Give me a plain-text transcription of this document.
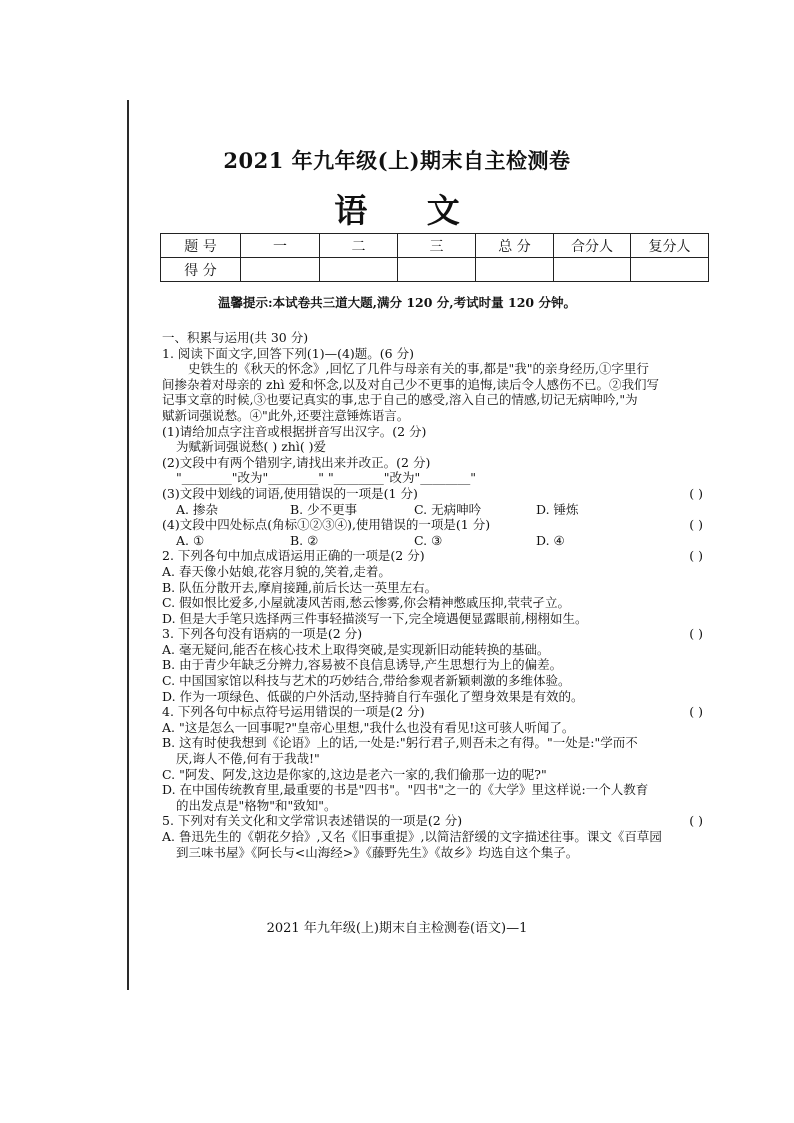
2021 年九年级(上)期末自主检测卷
语 文
题 号	一	二	三	总 分	合分人	复分人
得 分						
温馨提示:本试卷共三道大题,满分 120 分,考试时量 120 分钟。
一、积累与运用(共 30 分)
1. 阅读下面文字,回答下列(1)—(4)题。(6 分)
史铁生的《秋天的怀念》,回忆了几件与母亲有关的事,都是"我"的亲身经历,①字里行
间掺杂着对母亲的 zhì 爱和怀念,以及对自己少不更事的追悔,读后令人感伤不已。②我们写
记事文章的时候,③也要记真实的事,忠于自己的感受,溶入自己的情感,切记无病呻吟,"为
赋新词强说愁。④"此外,还要注意锤炼语言。
(1)请给加点字注音或根据拼音写出汉字。(2 分)
为赋新词强说愁( ) zhì( )爱
(2)文段中有两个错别字,请找出来并改正。(2 分)
"________"改为"________" "________"改为"________"
(3)文段中划线的词语,使用错误的一项是(1 分)	( )
A. 掺杂	B. 少不更事	C. 无病呻吟	D. 锤炼
(4)文段中四处标点(角标①②③④),使用错误的一项是(1 分)	( )
A. ①	B. ②	C. ③	D. ④
2. 下列各句中加点成语运用正确的一项是(2 分)	( )
A. 春天像小姑娘,花容月貌的,笑着,走着。
B. 队伍分散开去,摩肩接踵,前后长达一英里左右。
C. 假如恨比爱多,小屋就凄风苦雨,愁云惨雾,你会精神憋戚压抑,茕茕孑立。
D. 但是大手笔只选择两三件事轻描淡写一下,完全境遇便显露眼前,栩栩如生。
3. 下列各句没有语病的一项是(2 分)	( )
A. 毫无疑问,能否在核心技术上取得突破,是实现新旧动能转换的基础。
B. 由于青少年缺乏分辨力,容易被不良信息诱导,产生思想行为上的偏差。
C. 中国国家馆以科技与艺术的巧妙结合,带给参观者新颖刺激的多维体验。
D. 作为一项绿色、低碳的户外活动,坚持骑自行车强化了塑身效果是有效的。
4. 下列各句中标点符号运用错误的一项是(2 分)	( )
A. "这是怎么一回事呢?"皇帝心里想,"我什么也没有看见!这可骇人听闻了。
B. 这有时使我想到《论语》上的话,一处是:"躬行君子,则吾未之有得。"一处是:"学而不
厌,诲人不倦,何有于我哉!"
C. "阿发、阿发,这边是你家的,这边是老六一家的,我们偷那一边的呢?"
D. 在中国传统教育里,最重要的书是"四书"。"四书"之一的《大学》里这样说:一个人教育
的出发点是"格物"和"致知"。
5. 下列对有关文化和文学常识表述错误的一项是(2 分)	( )
A. 鲁迅先生的《朝花夕拾》,又名《旧事重提》,以简洁舒缓的文字描述往事。课文《百草园
到三味书屋》《阿长与<山海经>》《藤野先生》《故乡》均选自这个集子。
2021 年九年级(上)期末自主检测卷(语文)—1
